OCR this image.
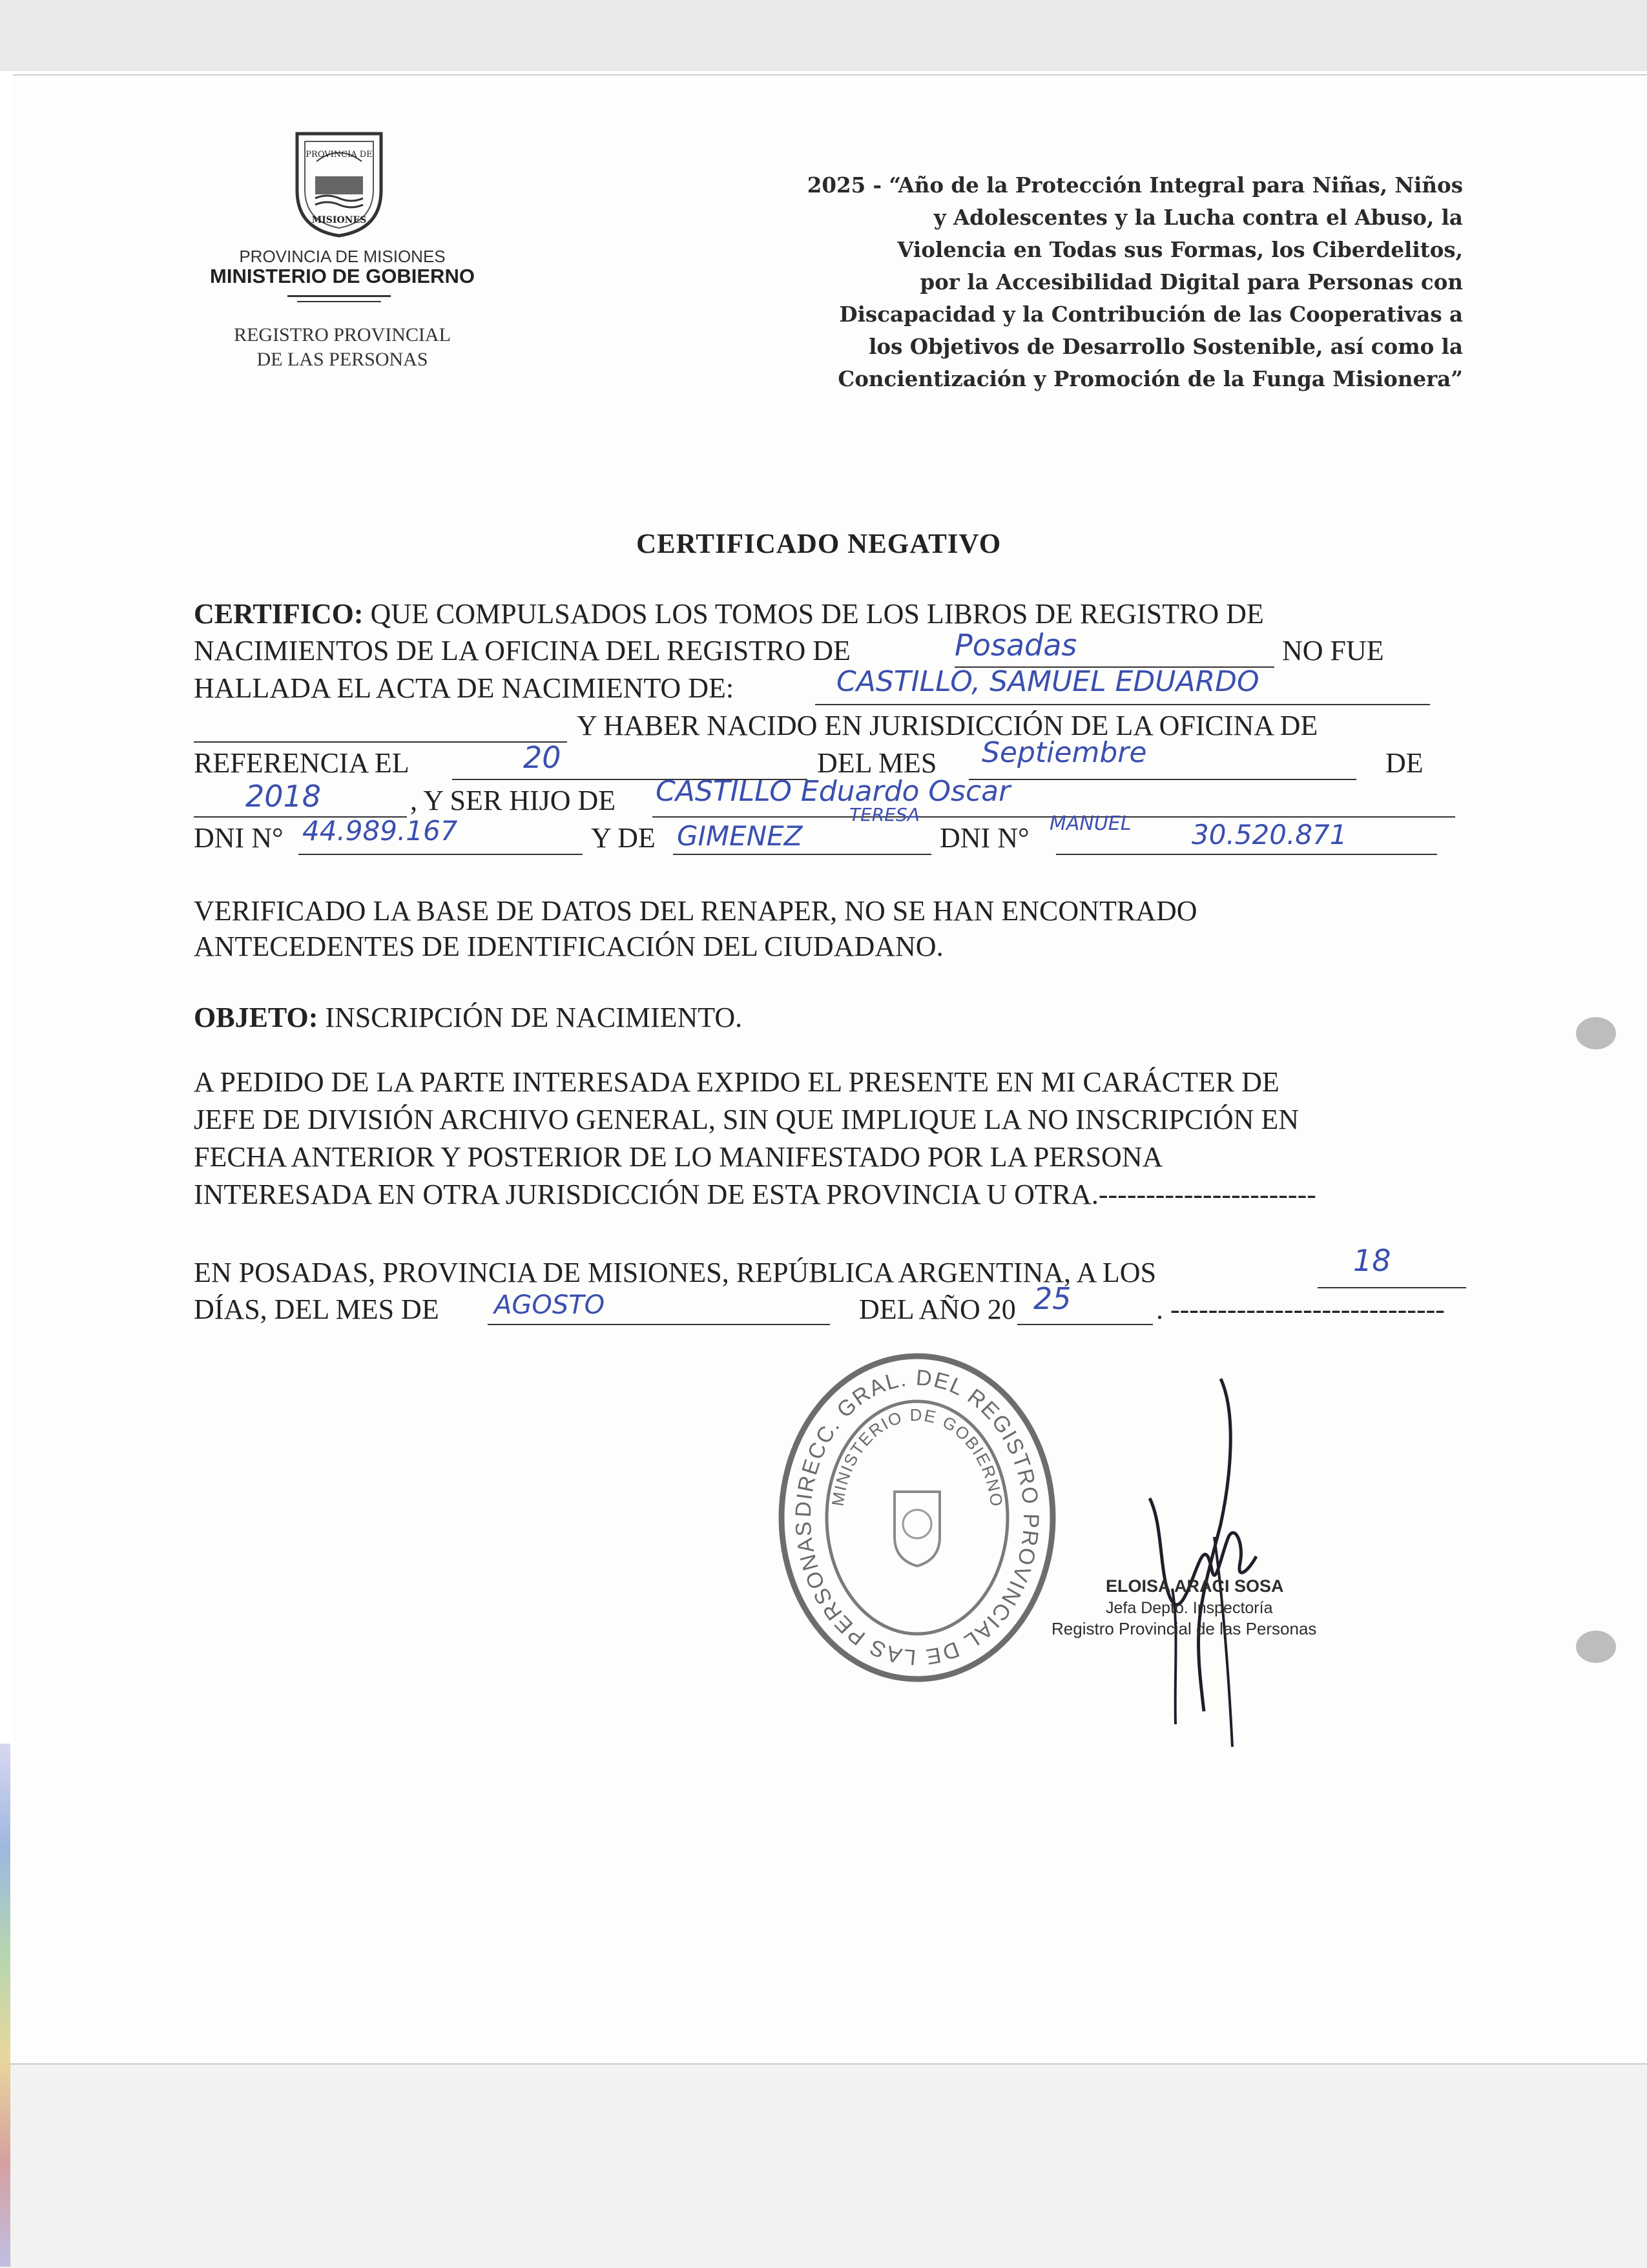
PROVINCIA DE
MISIONES
PROVINCIA DE MISIONES
MINISTERIO DE GOBIERNO
REGISTRO PROVINCIAL
DE LAS PERSONAS
2025 - “Año de la Protección Integral para Niñas, Niños
y Adolescentes y la Lucha contra el Abuso, la
Violencia en Todas sus Formas, los Ciberdelitos,
por la Accesibilidad Digital para Personas con
Discapacidad y la Contribución de las Cooperativas a
los Objetivos de Desarrollo Sostenible, así como la
Concientización y Promoción de la Funga Misionera”
CERTIFICADO NEGATIVO
CERTIFICO: QUE COMPULSADOS LOS TOMOS DE LOS LIBROS DE REGISTRO DE
NACIMIENTOS DE LA OFICINA DEL REGISTRO DE	NO FUE
HALLADA EL ACTA DE NACIMIENTO DE:
Y HABER NACIDO EN JURISDICCIÓN DE LA OFICINA DE
REFERENCIA EL	DEL MES	DE
, Y SER HIJO DE
DNI N°	Y DE	DNI N°
VERIFICADO LA BASE DE DATOS DEL RENAPER, NO SE HAN ENCONTRADO
ANTECEDENTES DE IDENTIFICACIÓN DEL CIUDADANO.
OBJETO: INSCRIPCIÓN DE NACIMIENTO.
A PEDIDO DE LA PARTE INTERESADA EXPIDO EL PRESENTE EN MI CARÁCTER DE
JEFE DE DIVISIÓN ARCHIVO GENERAL, SIN QUE IMPLIQUE LA NO INSCRIPCIÓN EN
FECHA ANTERIOR Y POSTERIOR DE LO MANIFESTADO POR LA PERSONA
INTERESADA EN OTRA JURISDICCIÓN DE ESTA PROVINCIA U OTRA.-----------------------
EN POSADAS, PROVINCIA DE MISIONES, REPÚBLICA ARGENTINA, A LOS
DÍAS, DEL MES DE	DEL AÑO 20	. -----------------------------
Posadas
CASTILLO, SAMUEL EDUARDO
20	Septiembre
2018	CASTILLO Eduardo Oscar
44.989.167	GIMENEZ
TERESA	MANUEL 30.520.871
18
AGOSTO	25
DIRECC. GRAL. DEL REGISTRO PROVINCIAL DE LAS PERSONAS
MINISTERIO DE GOBIERNO
ELOISA ARACI SOSA
Jefa Depto. Inspectoría
Registro Provincial de las Personas
